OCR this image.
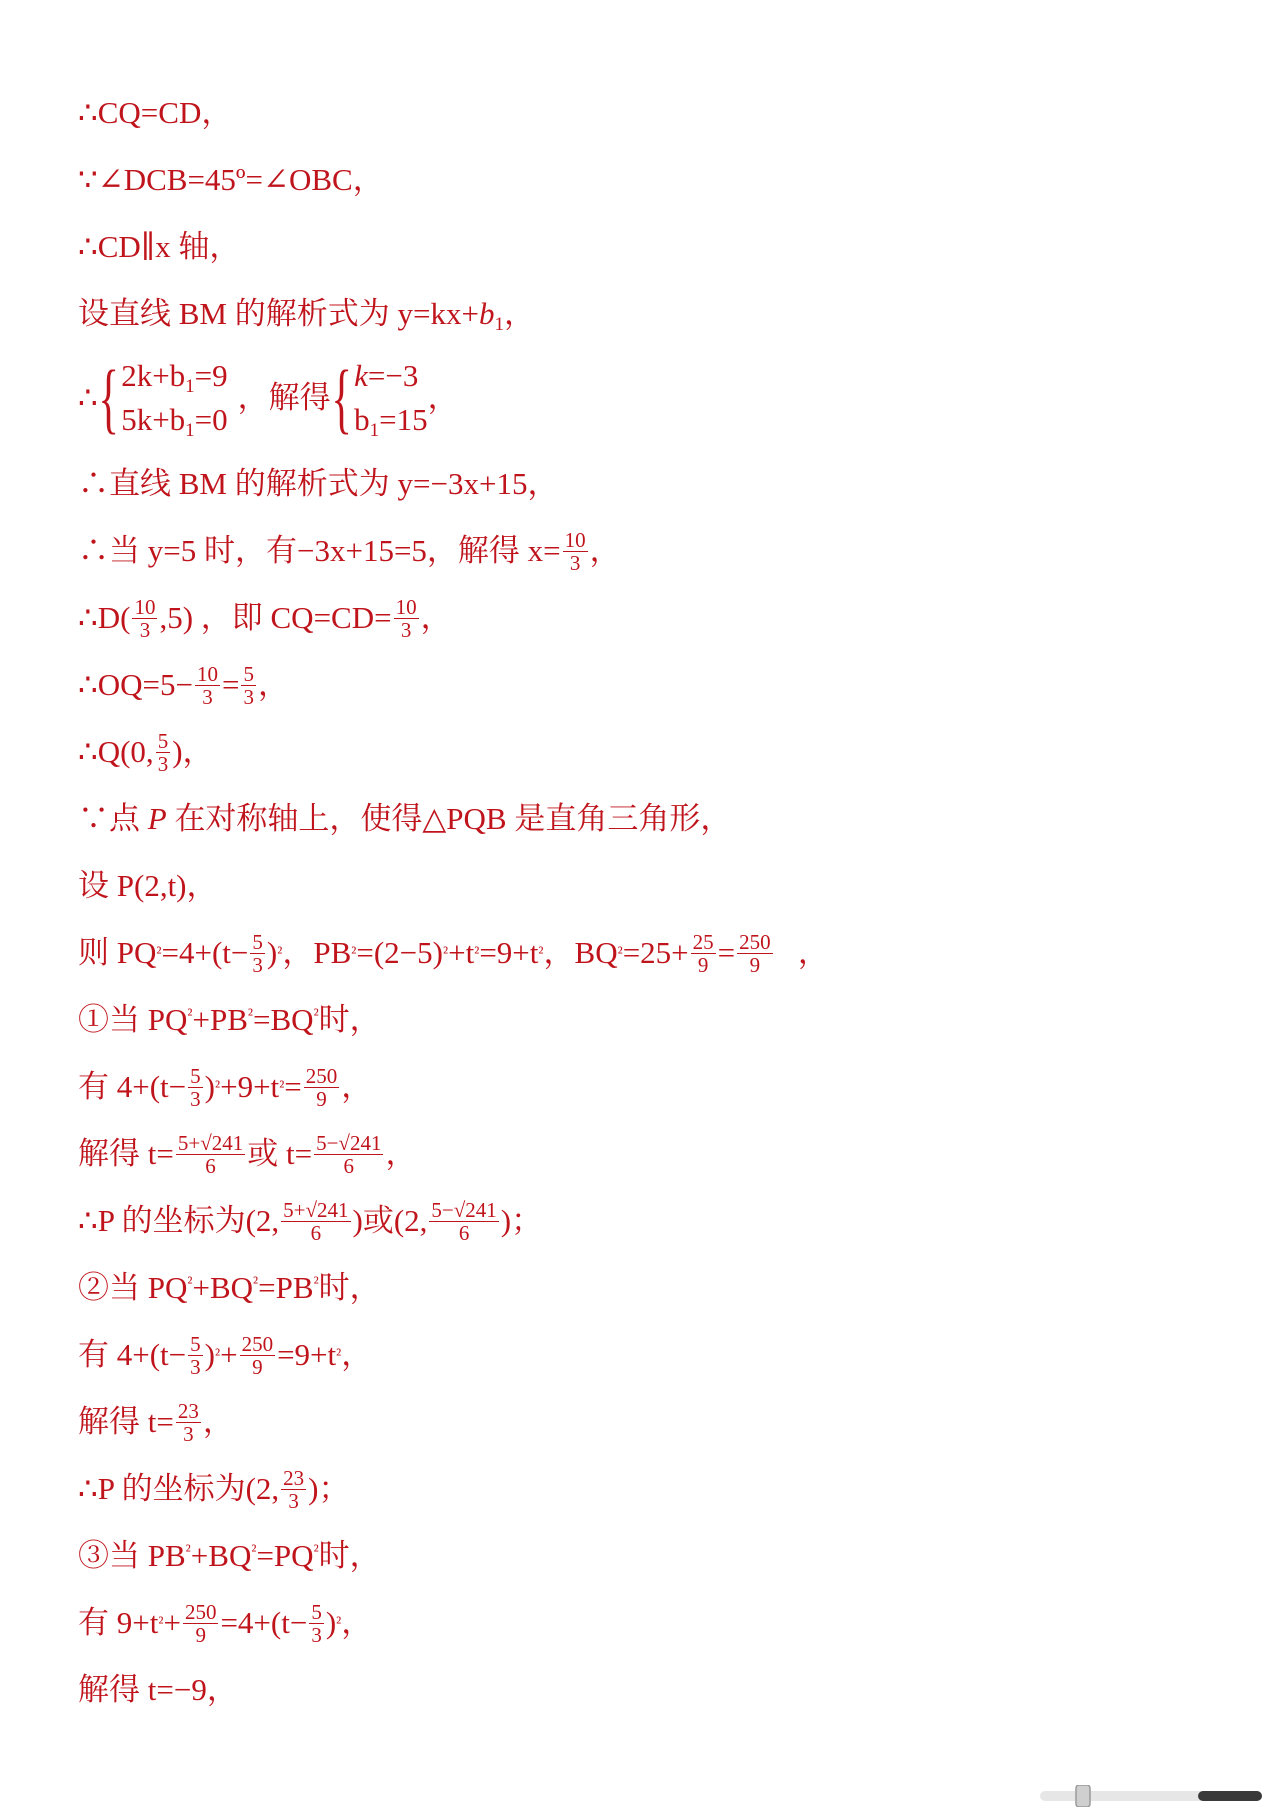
∴CQ=CD，
∵∠DCB=45º=∠OBC，
∴CD∥x 轴，
设直线 BM 的解析式为 $y=kx+b_1$，
∴ { $2k+b_1=9$
$5k+b_1=0$
，解得 { k=−3
$b_1=15$
，
∴直线 BM 的解析式为 y=−3x+15，
∴当 y=5 时，有−3x+15=5，解得 $x= \frac{10}{3}$ ，
∴D( $\frac{10}{3} ,5$) ，即 $CQ=CD= \frac{10}{3}$ ，
∴OQ=5− $\frac{10}{3} = \frac{5}{3}$ ，
∴Q(0, $\frac{5}{3}$ )，
∵点 P 在对称轴上，使得△PQB 是直角三角形，
设 P(2,t)，
则 PQ $^2 =4+(t- \frac{5}{3}$ ) ² ，PB ² =(2−5) ² +t ² =9+t ² ，BQ $^2 =25+ \frac{25}{9} = \frac{250}{9}$ ，
①当 $PQ^{^2}+PB^{^2}=BQ^{^2}$时，
有 $4+(t- \frac{5}{3}$ ) ² +9+t $^2 = \frac{250}{9}$ ，
解得 $t= \frac{5+√241}{6}$ 或 $t= \frac{5-√241}{6}$ ，
∴P 的坐标为(2, $\frac{5+√241}{6}$ )或(2, $\frac{5-√241}{6}$ )；
②当 $PQ^{^2}+BQ^{^2}=PB^{^2}$时，
有 $4+(t- \frac{5}{3}$ ) $^2 + \frac{250}{9} =9+t$ ² ，
解得 $t= \frac{23}{3}$ ，
∴P 的坐标为(2, $\frac{23}{3}$ )；
③当 $PB^{^2}+BQ^{^2}=PQ^{^2}$时，
有 9+t $^2 + \frac{250}{9} =4+(t- \frac{5}{3}$ ) ² ，
解得 t=−9，
